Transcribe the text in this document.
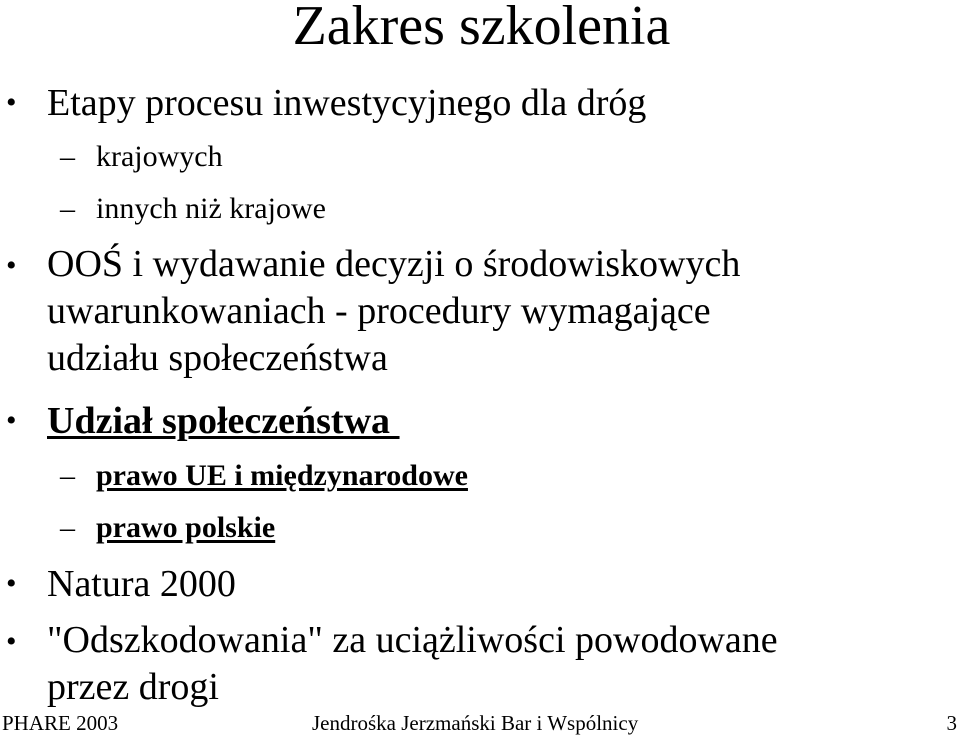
Zakres szkolenia
• Etapy procesu inwestycyjnego dla dróg
– krajowych
– innych niż krajowe
• OOŚ i wydawanie decyzji o środowiskowych
uwarunkowaniach - procedury wymagające
udziału społeczeństwa
• Udział społeczeństwa
– prawo UE i międzynarodowe
– prawo polskie
• Natura 2000
• "Odszkodowania" za uciążliwości powodowane
przez drogi
PHARE 2003	Jendrośka Jerzmański Bar i Wspólnicy	3
